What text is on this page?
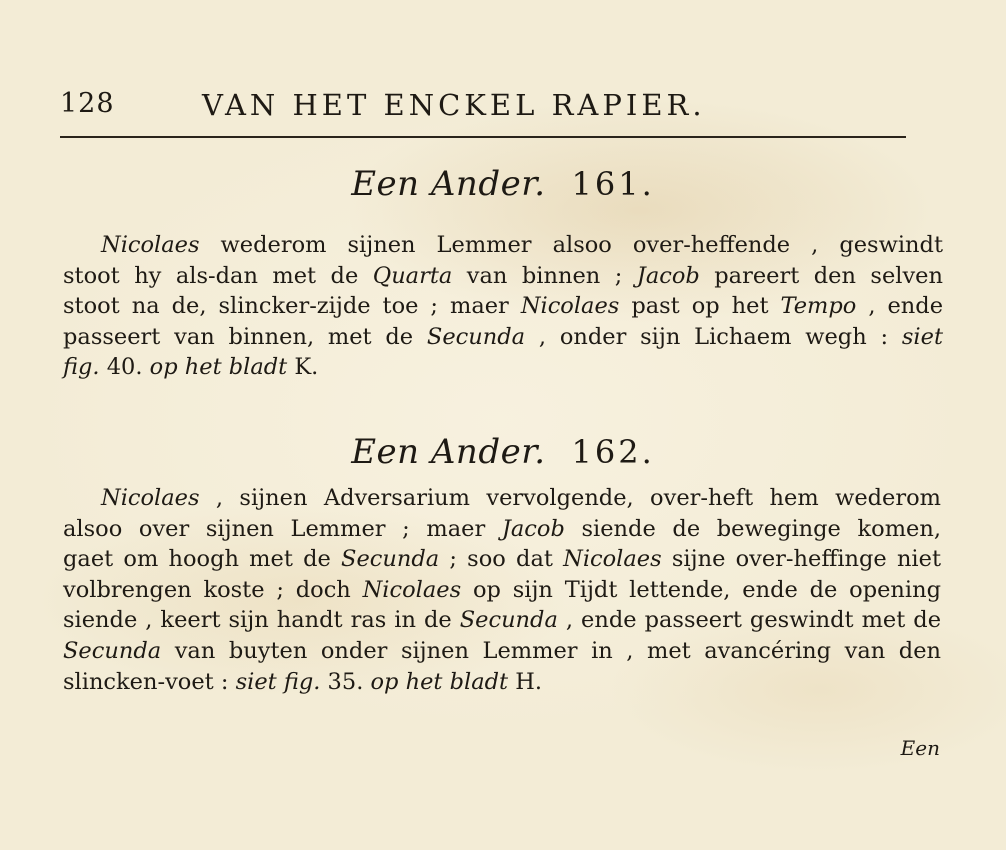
128	VAN HET ENCKEL RAPIER.
Een Ander. 161.
Nicolaes wederom sijnen Lemmer alsoo over-heffende , geswindt
stoot hy als-dan met de Quarta van binnen ; Jacob pareert den selven
stoot na de, slincker-zijde toe ; maer Nicolaes past op het Tempo , ende
passeert van binnen, met de Secunda , onder sijn Lichaem wegh : siet
fig. 40. op het bladt K.
Een Ander. 162.
Nicolaes , sijnen Adversarium vervolgende, over-heft hem wederom
alsoo over sijnen Lemmer ; maer Jacob siende de beweginge komen,
gaet om hoogh met de Secunda ; soo dat Nicolaes sijne over-heffinge niet
volbrengen koste ; doch Nicolaes op sijn Tijdt lettende, ende de opening
siende , keert sijn handt ras in de Secunda , ende passeert geswindt met de
Secunda van buyten onder sijnen Lemmer in , met avancéring van den
slincken-voet : siet fig. 35. op het bladt H.
Een
